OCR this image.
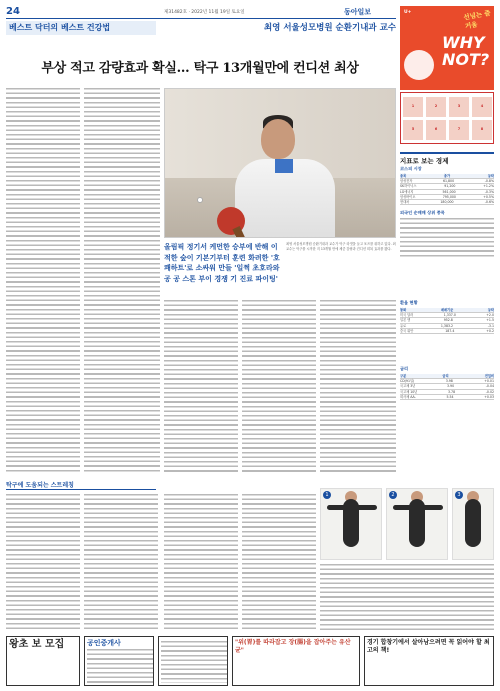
24	제31482호 · 2022년 11월 19일 토요일	동아일보
베스트 닥터의 베스트 건강법	최영 서울성모병원 순환기내과 교수
부상 적고 감량효과 확실… 탁구 13개월만에 컨디션 최상
올림픽 정기서 케먼한 승부에 반해 이적한 숲이 기본기부터 훈련 화려한 '호쾌하트'로 소싸워 만들 '일쩍 초호라와 공 공 스톤 부이 경쟁 기 진료 파이팅'
최영 서울성모병원 순환기내과 교수가 탁구 라켓을 들고 포즈를 취하고 있다. 최 교수는 탁구를 시작한 지 13개월 만에 체중 감량과 컨디션 회복 효과를 봤다.
U+	선넘는 즐거움
WHY NOT?
1	2	3	4
5	6	7	8
지표로 보는 경제
코스피 시장
종목	종가	등락
삼성전자	61,800	-0.8%
SK하이닉스	91,200	+1.2%
LG에너지	561,000	-0.3%
삼성바이오	795,000	+0.5%
현대차	180,000	-0.6%
외국인 순매매 상위 종목
환율 현황
통화	매매기준	등락
미국 달러	1,337.0	+2.0
일본 엔	952.8	+1.5
유로	1,383.2	-3.1
중국 위안	187.4	+0.2
금리
구분	금리	전일비
CD(91일)	3.98	+0.01
국고채 3년	3.90	-0.04
국고채 10년	3.78	-0.02
회사채 AA-	5.54	+0.03
탁구에 도움되는 스트레칭
1	2	3
왕초 보 모집	공인중개사	"위(胃)를 따라잡고 장(腸)을 잡아주는 유산균"
경기 합창기에서 살아남으려면 꼭 읽어야 할 최고의 책!
